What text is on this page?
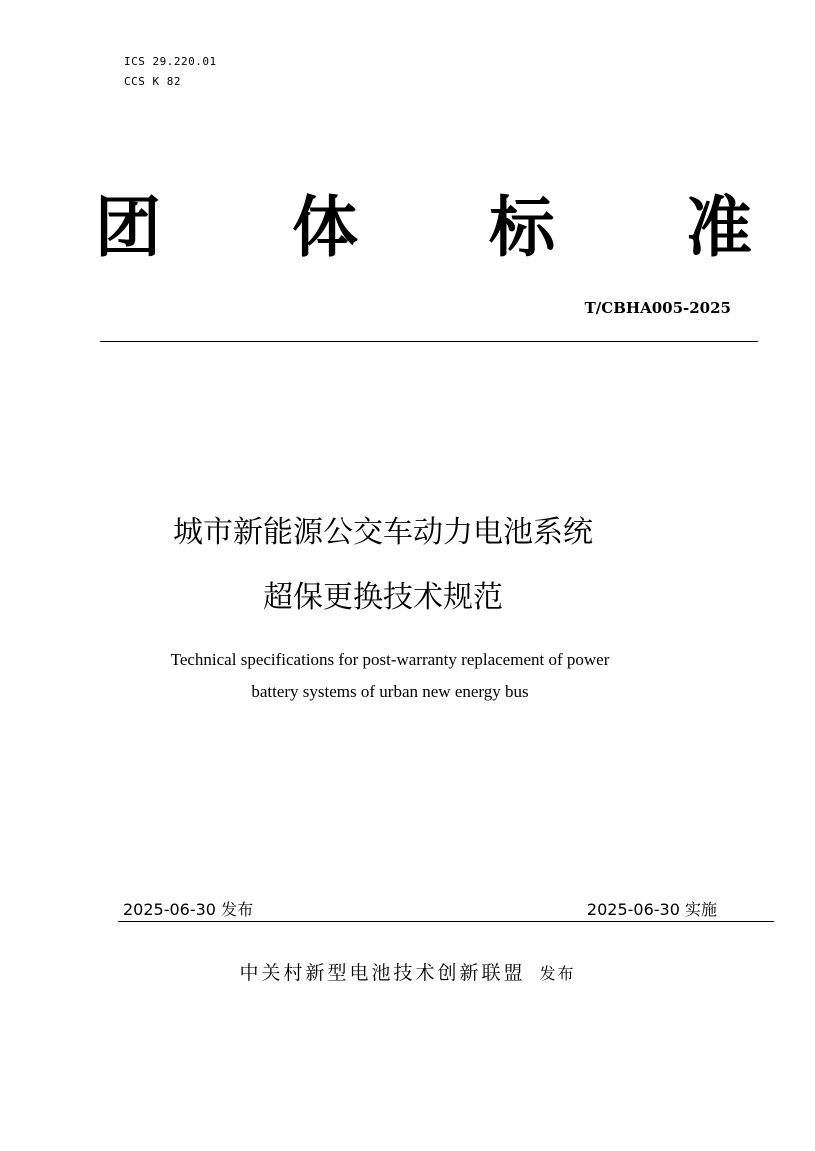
ICS 29.220.01
CCS K 82
团 体 标 准
T/CBHA005-2025
城市新能源公交车动力电池系统
超保更换技术规范
Technical specifications for post-warranty replacement of power
battery systems of urban new energy bus
2025-06-30 发布	2025-06-30 实施
中关村新型电池技术创新联盟 发布
